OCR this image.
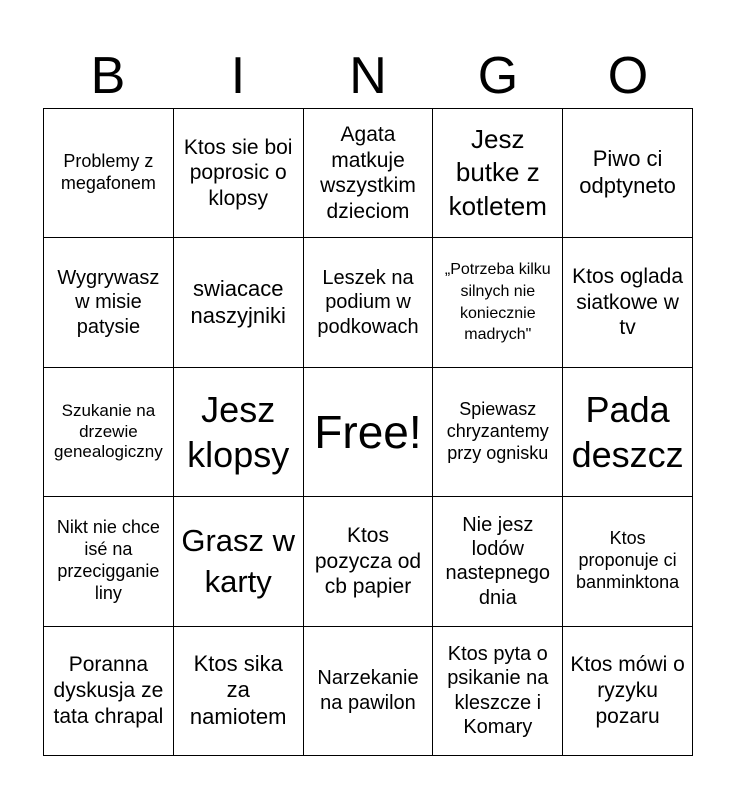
B	I	N	G	O
Problemy z megafonem
Ktos sie boi poprosic o klopsy
Agata matkuje wszystkim dzieciom
Jesz butke z kotletem
Piwo ci odptyneto
Wygrywasz w misie patysie
swiacace naszyjniki
Leszek na podium w podkowach
„Potrzeba kilku silnych nie koniecznie madrych"
Ktos oglada siatkowe w tv
Szukanie na drzewie genealogiczny
Jesz klopsy Free!	Spiewasz chryzantemy przy ognisku
Pada deszcz
Nikt nie chce isé na przecigganie liny
Grasz w karty
Ktos pozycza od cb papier
Nie jesz lodów nastepnego dnia
Ktos proponuje ci banminktona
Poranna dyskusja ze tata chrapal
Ktos sika za namiotem
Narzekanie na pawilon
Ktos pyta o psikanie na kleszcze i Komary
Ktos mówi o ryzyku pozaru
